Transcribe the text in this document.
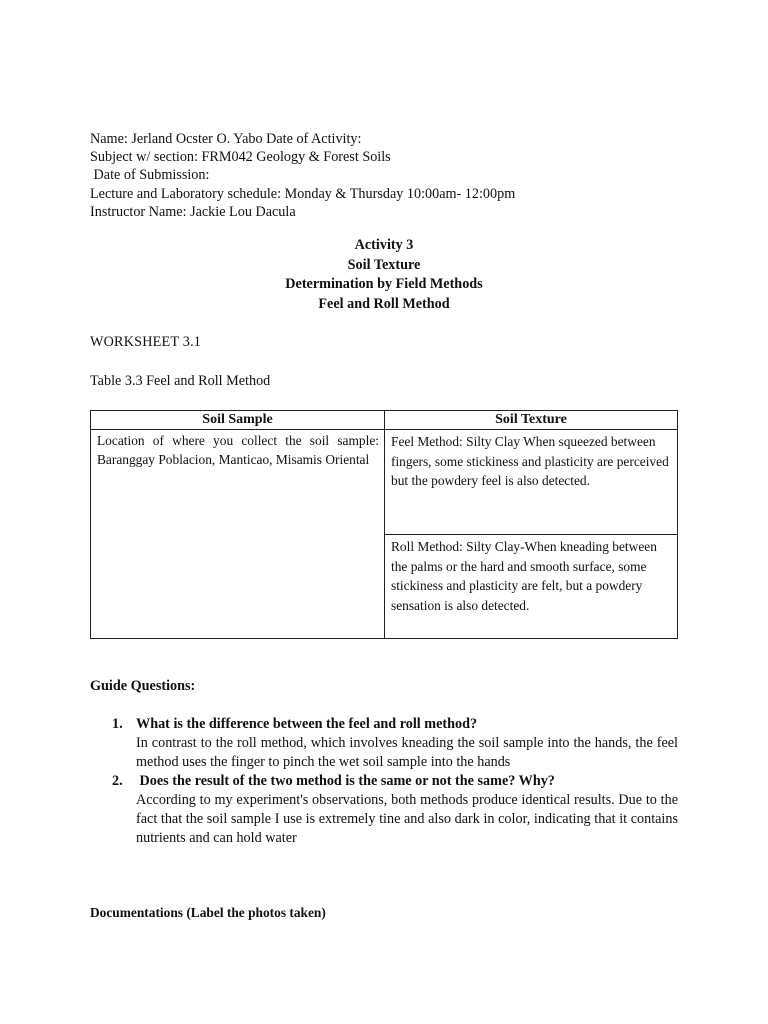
Name: Jerland Ocster O. Yabo Date of Activity:
Subject w/ section: FRM042 Geology & Forest Soils
Date of Submission:
Lecture and Laboratory schedule: Monday & Thursday 10:00am- 12:00pm
Instructor Name: Jackie Lou Dacula
Activity 3
Soil Texture
Determination by Field Methods
Feel and Roll Method
WORKSHEET 3.1
Table 3.3 Feel and Roll Method
Soil Sample	Soil Texture
Location of where you collect the soil sample: Baranggay Poblacion, Manticao, Misamis Oriental
Feel Method: Silty Clay When squeezed between fingers, some stickiness and plasticity are perceived but the powdery feel is also detected.
Roll Method: Silty Clay-When kneading between the palms or the hard and smooth surface, some stickiness and plasticity are felt, but a powdery sensation is also detected.
Guide Questions:
1. What is the difference between the feel and roll method?
In contrast to the roll method, which involves kneading the soil sample into the hands, the feel method uses the finger to pinch the wet soil sample into the hands
2. Does the result of the two method is the same or not the same? Why?
According to my experiment's observations, both methods produce identical results. Due to the fact that the soil sample I use is extremely tine and also dark in color, indicating that it contains nutrients and can hold water
Documentations (Label the photos taken)
